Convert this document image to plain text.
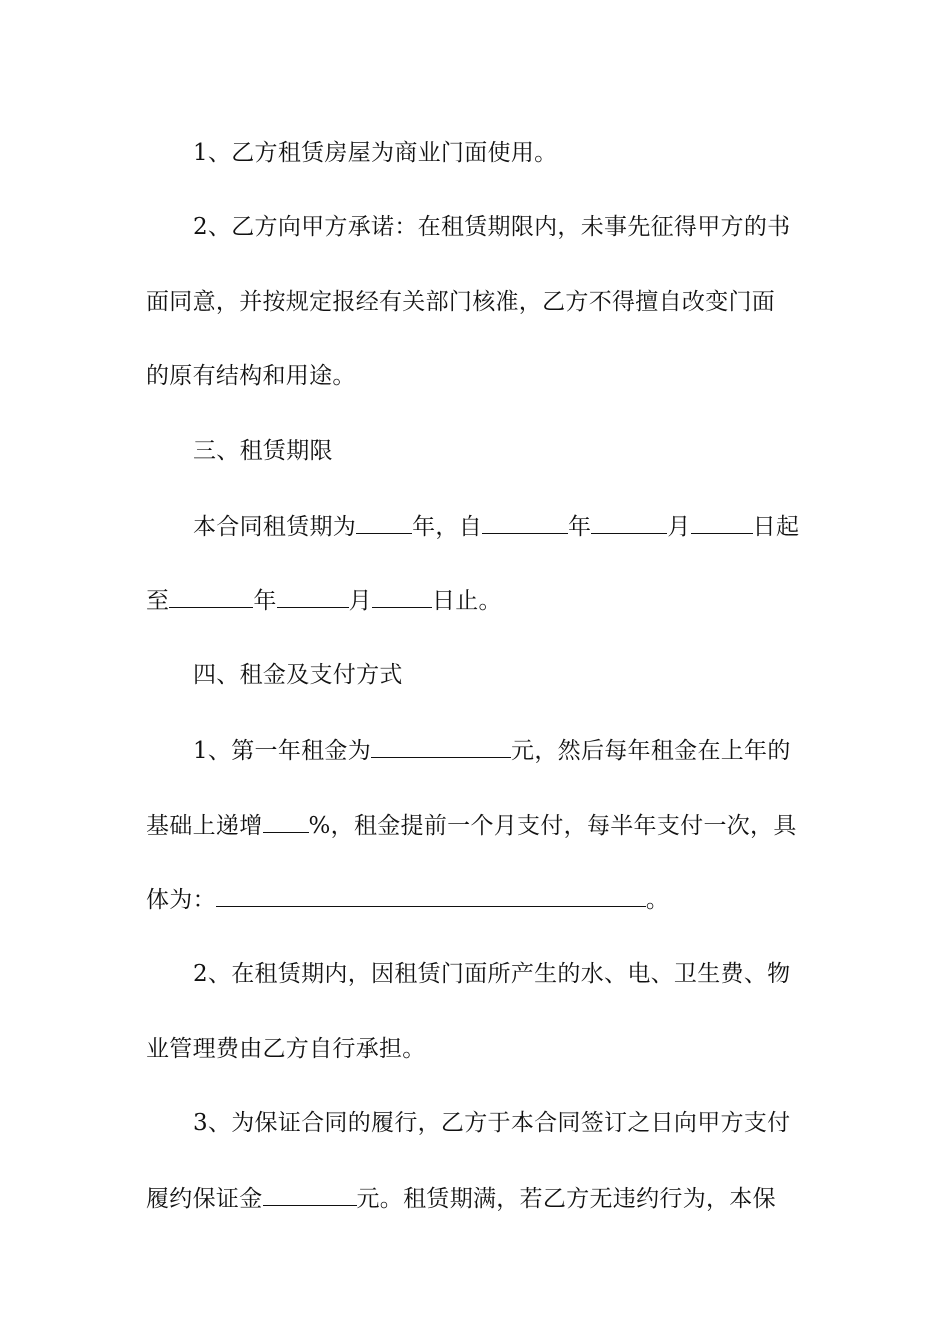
1、乙方租赁房屋为商业门面使用。
2、乙方向甲方承诺：在租赁期限内，未事先征得甲方的书
面同意，并按规定报经有关部门核准，乙方不得擅自改变门面
的原有结构和用途。
三、租赁期限
本合同租赁期为 年，自	年	月	日起
至	年	月	日止。
四、租金及支付方式
1、第一年租金为	元，然后每年租金在上年的
基础上递增 %，租金提前一个月支付，每半年支付一次，具
体为：	。
2、在租赁期内，因租赁门面所产生的水、电、卫生费、物
业管理费由乙方自行承担。
3、为保证合同的履行，乙方于本合同签订之日向甲方支付
履约保证金	元。租赁期满，若乙方无违约行为，本保
